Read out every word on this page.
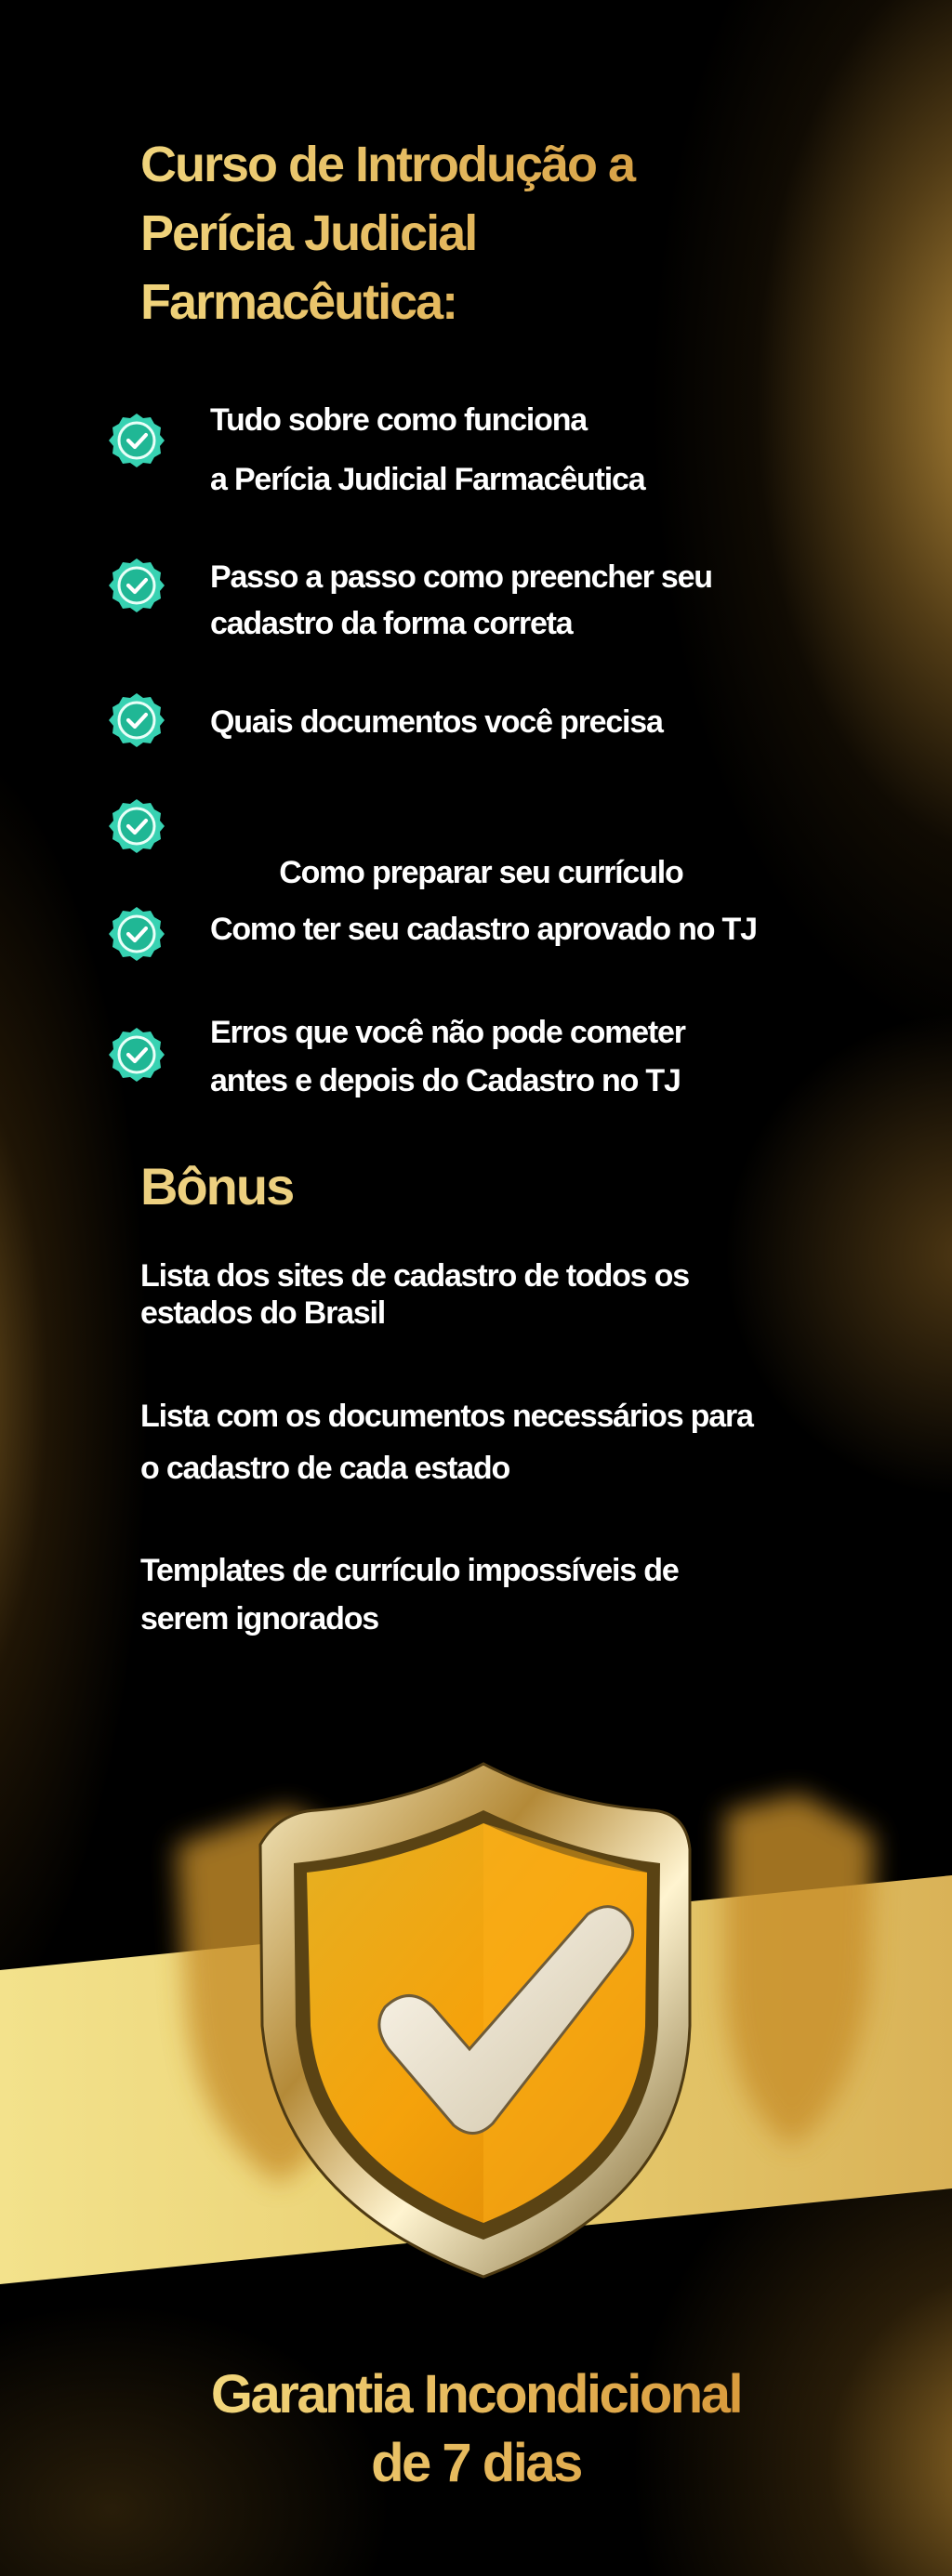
Curso de Introdução a
Perícia Judicial
Farmacêutica:

Tudo sobre como funciona
a Perícia Judicial Farmacêutica

Passo a passo como preencher seu
cadastro da forma correta

Quais documentos você precisa

Como preparar seu currículo

Como ter seu cadastro aprovado no TJ

Erros que você não pode cometer
antes e depois do Cadastro no TJ

Bônus

Lista dos sites de cadastro de todos os
estados do Brasil

Lista com os documentos necessários para
o cadastro de cada estado

Templates de currículo impossíveis de
serem ignorados

Garantia Incondicional
de 7 dias
